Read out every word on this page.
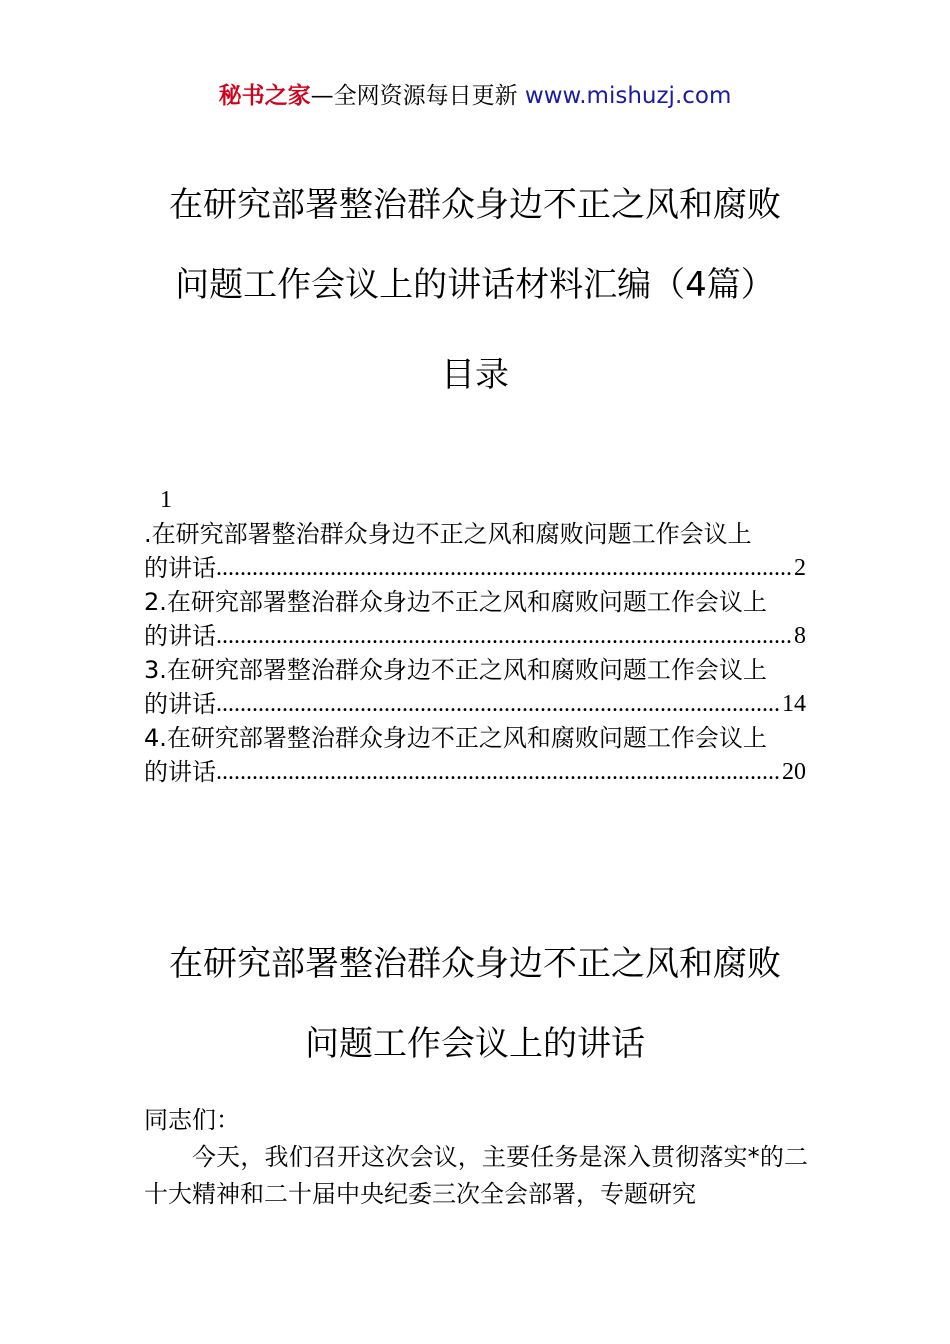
秘书之家—全网资源每日更新 www.mishuzj.com
在研究部署整治群众身边不正之风和腐败
问题工作会议上的讲话材料汇编（4篇）
目录
1
.在研究部署整治群众身边不正之风和腐败问题工作会议上
的讲话 .....	2
2.在研究部署整治群众身边不正之风和腐败问题工作会议上
的讲话 .....	8
3.在研究部署整治群众身边不正之风和腐败问题工作会议上
的讲话 .....	14
4.在研究部署整治群众身边不正之风和腐败问题工作会议上
的讲话 .....	20
在研究部署整治群众身边不正之风和腐败
问题工作会议上的讲话
同志们：
今天，我们召开这次会议，主要任务是深入贯彻落实*的二十大精神和二十届中央纪委三次全会部署，专题研究
